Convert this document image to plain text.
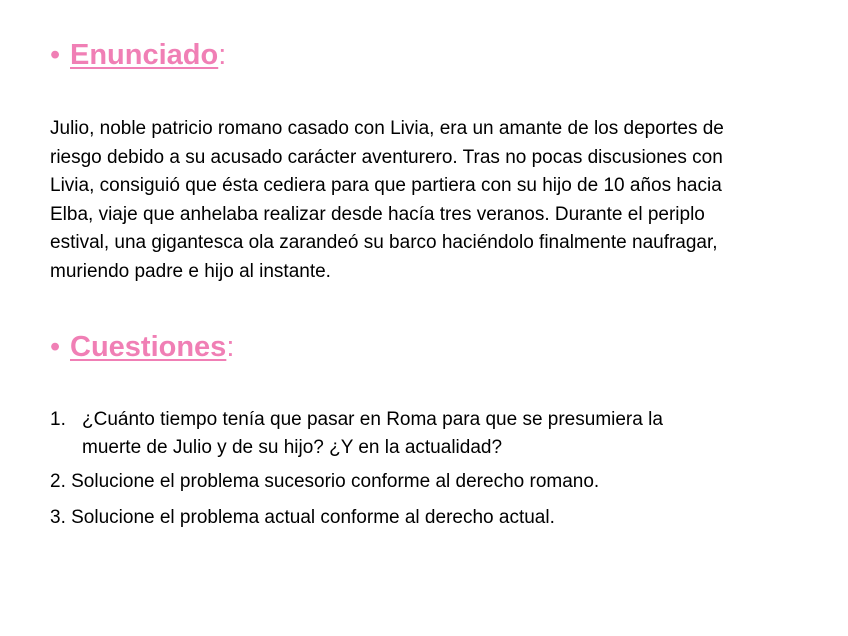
• Enunciado:

Julio, noble patricio romano casado con Livia, era un amante de los deportes de
riesgo debido a su acusado carácter aventurero. Tras no pocas discusiones con
Livia, consiguió que ésta cediera para que partiera con su hijo de 10 años hacia
Elba, viaje que anhelaba realizar desde hacía tres veranos. Durante el periplo
estival, una gigantesca ola zarandeó su barco haciéndolo finalmente naufragar,
muriendo padre e hijo al instante.

• Cuestiones:
1. ¿Cuánto tiempo tenía que pasar en Roma para que se presumiera la
muerte de Julio y de su hijo? ¿Y en la actualidad?
2. Solucione el problema sucesorio conforme al derecho romano.
3. Solucione el problema actual conforme al derecho actual.
